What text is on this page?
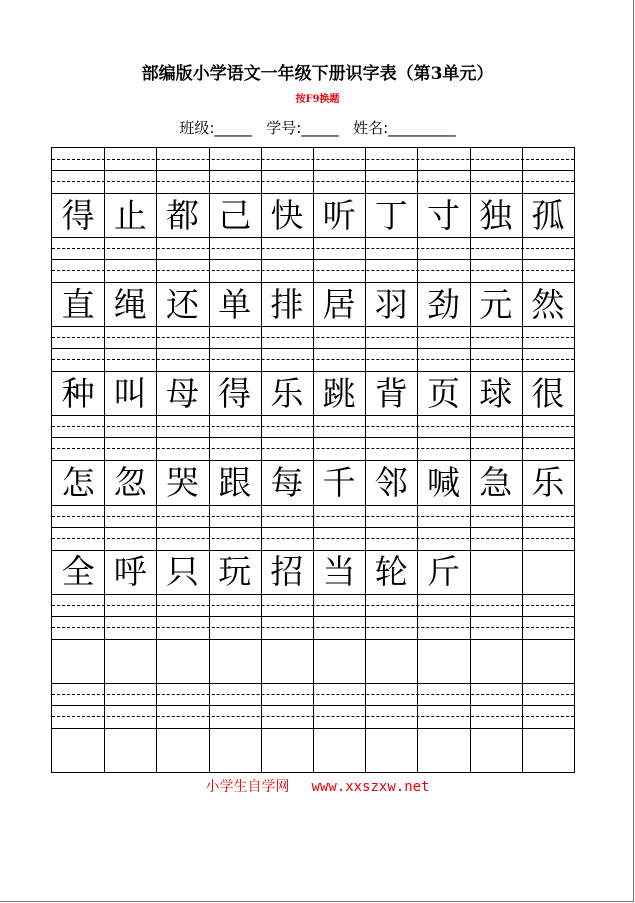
部编版小学语文一年级下册识字表（第3单元）
按F9换题
班级:_____ 学号:_____ 姓名:_________
得 止 都 己 快 听 丁 寸 独 孤
直 绳 还 单 排 居 羽 劲 元 然
种 叫 母 得 乐 跳 背 页 球 很
怎 忽 哭 跟 每 千 邻 喊 急 乐
全 呼 只 玩 招 当 轮 斤
小学生自学网 www.xxszxw.net
